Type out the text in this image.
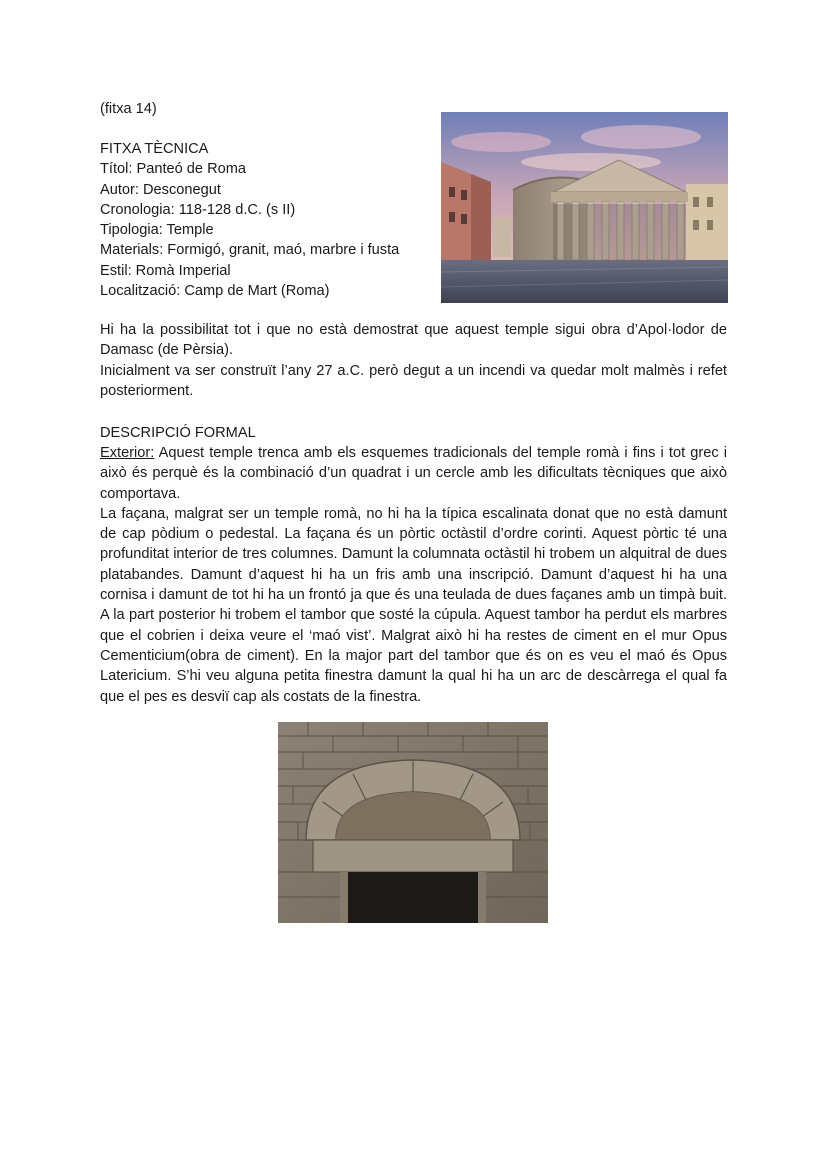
(fitxa 14)
FITXA TÈCNICA
Títol: Panteó de Roma
Autor: Desconegut
Cronologia: 118-128 d.C. (s II)
Tipologia: Temple
Materials: Formigó, granit, maó, marbre i fusta
Estil: Romà Imperial
Localització: Camp de Mart (Roma)

Hi ha la possibilitat tot i que no està demostrat que aquest temple sigui obra d’Apol·lodor de Damasc (de Pèrsia).

Inicialment va ser construït l’any 27 a.C. però degut a un incendi va quedar molt malmès i refet posteriorment.

DESCRIPCIÓ FORMAL

Exterior: Aquest temple trenca amb els esquemes tradicionals del temple romà i fins i tot grec i això és perquè és la combinació d’un quadrat i un cercle amb les dificultats tècniques que això comportava.

La façana, malgrat ser un temple romà, no hi ha la típica escalinata donat que no està damunt de cap pòdium o pedestal. La façana és un pòrtic octàstil d’ordre corinti. Aquest pòrtic té una profunditat interior de tres columnes. Damunt la columnata octàstil hi trobem un alquitral de dues platabandes. Damunt d’aquest hi ha un fris amb una inscripció. Damunt d’aquest hi ha una cornisa i damunt de tot hi ha un frontó ja que és una teulada de dues façanes amb un timpà buit. A la part posterior hi trobem el tambor que sosté la cúpula. Aquest tambor ha perdut els marbres que el cobrien i deixa veure el ‘maó vist’. Malgrat això hi ha restes de ciment en el mur Opus Cementicium(obra de ciment). En la major part del tambor que és on es veu el maó és Opus Latericium. S’hi veu alguna petita finestra damunt la qual hi ha un arc de descàrrega el qual fa que el pes es desviï cap als costats de la finestra.
